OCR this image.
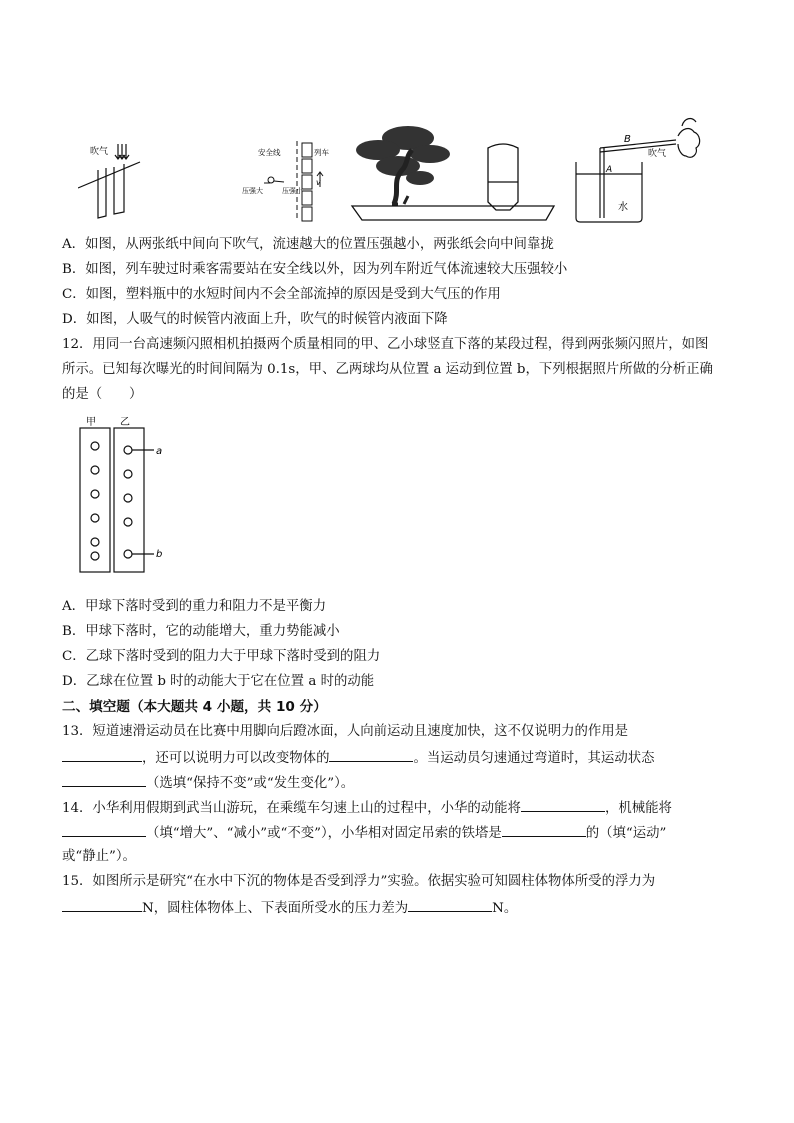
吹气	安全线	列车
压强大	压强小
v
B
A
吹气
水
A．如图，从两张纸中间向下吹气，流速越大的位置压强越小，两张纸会向中间靠拢
B．如图，列车驶过时乘客需要站在安全线以外，因为列车附近气体流速较大压强较小
C．如图，塑料瓶中的水短时间内不会全部流掉的原因是受到大气压的作用
D．如图，人吸气的时候管内液面上升，吹气的时候管内液面下降
12．用同一台高速频闪照相机拍摄两个质量相同的甲、乙小球竖直下落的某段过程，得到两张频闪照片，如图
所示。已知每次曝光的时间间隔为 0.1s，甲、乙两球均从位置 a 运动到位置 b，下列根据照片所做的分析正确
的是（　　）
甲 乙
a
b
A．甲球下落时受到的重力和阻力不是平衡力
B．甲球下落时，它的动能增大，重力势能减小
C．乙球下落时受到的阻力大于甲球下落时受到的阻力
D．乙球在位置 b 时的动能大于它在位置 a 时的动能
二、填空题（本大题共 4 小题，共 10 分）
13．短道速滑运动员在比赛中用脚向后蹬冰面，人向前运动且速度加快，这不仅说明力的作用是
，还可以说明力可以改变物体的	。当运动员匀速通过弯道时，其运动状态
（选填“保持不变”或“发生变化”）。
14．小华利用假期到武当山游玩，在乘缆车匀速上山的过程中，小华的动能将	，机械能将
（填“增大”、“减小”或“不变”），小华相对固定吊索的铁塔是	的（填“运动”
或“静止”）。
15．如图所示是研究“在水中下沉的物体是否受到浮力”实验。依据实验可知圆柱体物体所受的浮力为
N，圆柱体物体上、下表面所受水的压力差为	N。
